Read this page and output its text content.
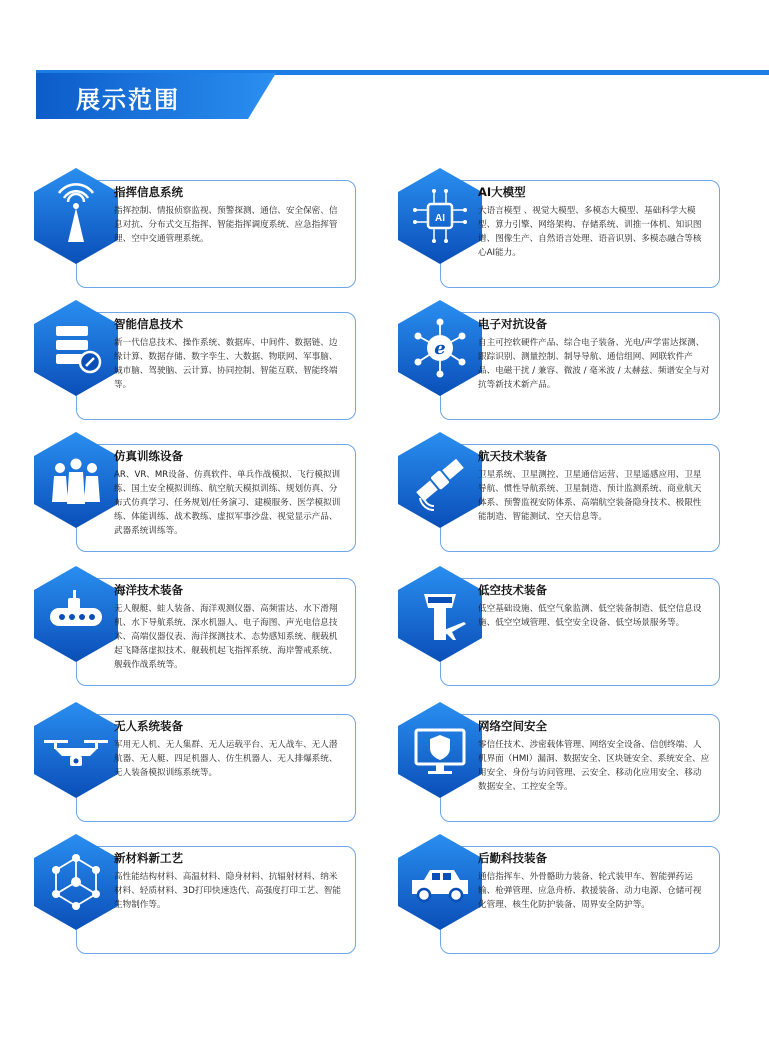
展示范围
指挥信息系统
指挥控制、情报侦察监视、预警探测、通信、安全保密、信息对抗、分布式交互指挥、智能指挥调度系统、应急指挥管理、空中交通管理系统。
AI
AI大模型
大语言模型 、视觉大模型、多模态大模型、基础科学大模型、算力引擎、网络架构、存储系统、训推一体机、知识图谱、图像生产、自然语言处理、语音识别、多模态融合等核心AI能力。
智能信息技术
新一代信息技术、操作系统、数据库、中间件、数据链、边缘计算、数据存储、数字孪生、大数据、物联网、军事脑、城市脑、驾驶脑、云计算、协同控制、智能互联、智能终端等。
e
电子对抗设备
自主可控软硬件产品、综合电子装备、光电/声学雷达探测、跟踪识别、测量控制、制导导航、通信组网、网联软件产品、电磁干扰 / 兼容、微波 / 毫米波 / 太赫兹、频谱安全与对抗等新技术新产品。
仿真训练设备
AR、VR、MR设备、仿真软件、单兵作战模拟、飞行模拟训练、国土安全模拟训练、航空航天模拟训练、规划仿真、分布式仿真学习、任务规划/任务演习、建模服务、医学模拟训练、体能训练、战术教练、虚拟军事沙盘、视觉显示产品、武器系统训练等。
航天技术装备
卫星系统、卫星测控、卫星通信运营、卫星遥感应用、卫星导航、惯性导航系统、卫星制造、预计监测系统、商业航天体系、预警监视安防体系、高端航空装备隐身技术、极限性能制造、智能测试、空天信息等。
海洋技术装备
无人舰艇、蛙人装备、海洋观测仪器、高频雷达、水下滑翔机、水下导航系统、深水机器人、电子海图、声光电信息技术、高端仪器仪表、海洋探测技术、态势感知系统、舰载机起飞降落虚拟技术、舰载机起飞指挥系统、海岸警戒系统、舰载作战系统等。
低空技术装备
低空基础设施、低空气象监测、低空装备制造、低空信息设施、低空空域管理、低空安全设备、低空场景服务等。
无人系统装备
军用无人机、无人集群、无人运载平台、无人战车、无人潜航器、无人艇、四足机器人、仿生机器人、无人排爆系统、无人装备模拟训练系统等。
网络空间安全
零信任技术、涉密载体管理、网络安全设备、信创终端、人机界面（HMI）漏洞、数据安全、区块链安全、系统安全、应用安全、身份与访问管理、云安全、移动化应用安全、移动数据安全、工控安全等。
新材料新工艺
高性能结构材料、高温材料、隐身材料、抗辐射材料、纳米材料、轻质材料、3D打印快速迭代、高强度打印工艺、智能生物制作等。
后勤科技装备
通信指挥车、外骨骼助力装备、轮式装甲车、智能弹药运输、枪弹管理、应急舟桥、救援装备、动力电源、仓储可视化管理、核生化防护装备、周界安全防护等。
